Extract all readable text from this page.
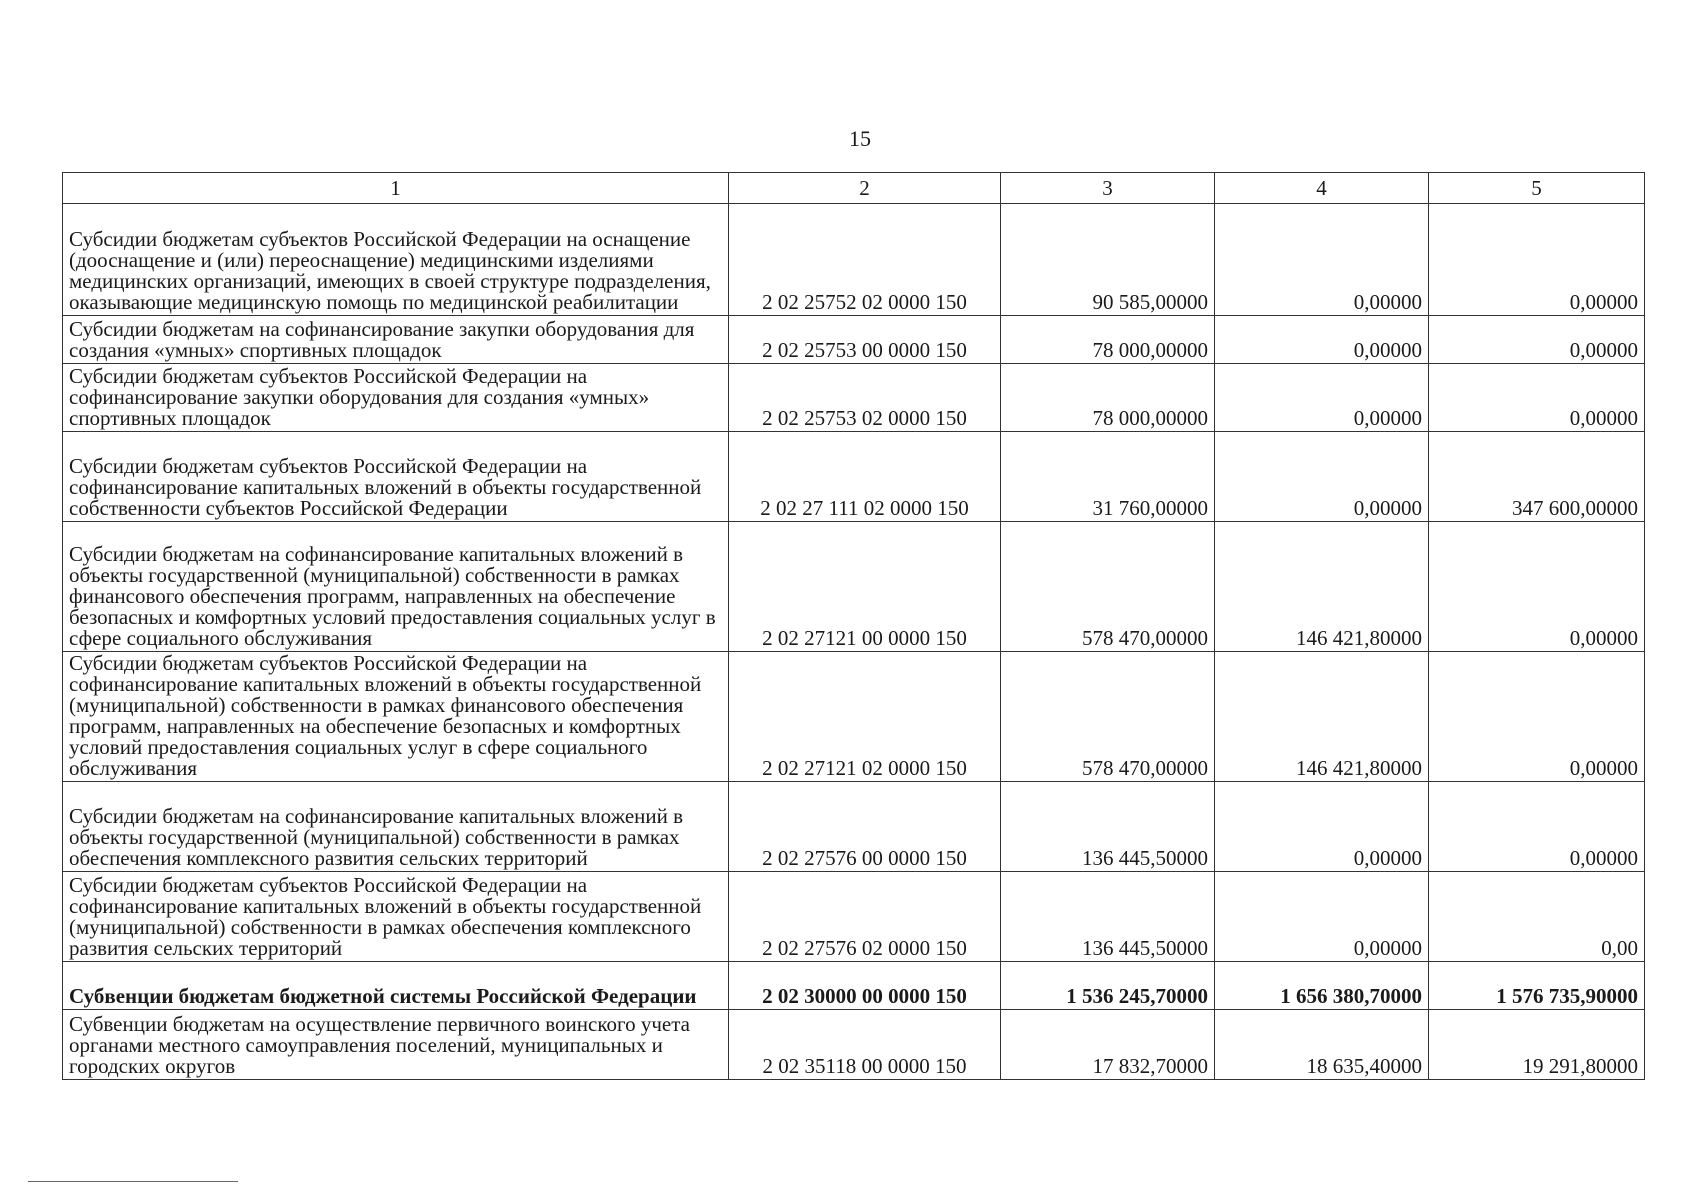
15
1	2	3	4	5
Субсидии бюджетам субъектов Российской Федерации на оснащение (дооснащение и (или) переоснащение) медицинскими изделиями медицинских организаций, имеющих в своей структуре подразделения, оказывающие медицинскую помощь по медицинской реабилитации	2 02 25752 02 0000 150	90 585,00000	0,00000	0,00000
Субсидии бюджетам на софинансирование закупки оборудования для создания «умных» спортивных площадок	2 02 25753 00 0000 150	78 000,00000	0,00000	0,00000
Субсидии бюджетам субъектов Российской Федерации на софинансирование закупки оборудования для создания «умных» спортивных площадок	2 02 25753 02 0000 150	78 000,00000	0,00000	0,00000
Субсидии бюджетам субъектов Российской Федерации на софинансирование капитальных вложений в объекты государственной собственности субъектов Российской Федерации	2 02 27 111 02 0000 150	31 760,00000	0,00000	347 600,00000
Субсидии бюджетам на софинансирование капитальных вложений в объекты государственной (муниципальной) собственности в рамках финансового обеспечения программ, направленных на обеспечение безопасных и комфортных условий предоставления социальных услуг в сфере социального обслуживания	2 02 27121 00 0000 150	578 470,00000	146 421,80000	0,00000
Субсидии бюджетам субъектов Российской Федерации на софинансирование капитальных вложений в объекты государственной (муниципальной) собственности в рамках финансового обеспечения программ, направленных на обеспечение безопасных и комфортных условий предоставления социальных услуг в сфере социального обслуживания	2 02 27121 02 0000 150	578 470,00000	146 421,80000	0,00000
Субсидии бюджетам на софинансирование капитальных вложений в объекты государственной (муниципальной) собственности в рамках обеспечения комплексного развития сельских территорий	2 02 27576 00 0000 150	136 445,50000	0,00000	0,00000
Субсидии бюджетам субъектов Российской Федерации на софинансирование капитальных вложений в объекты государственной (муниципальной) собственности в рамках обеспечения комплексного развития сельских территорий	2 02 27576 02 0000 150	136 445,50000	0,00000	0,00
Субвенции бюджетам бюджетной системы Российской Федерации	2 02 30000 00 0000 150	1 536 245,70000	1 656 380,70000	1 576 735,90000
Субвенции бюджетам на осуществление первичного воинского учета органами местного самоуправления поселений, муниципальных и городских округов	2 02 35118 00 0000 150	17 832,70000	18 635,40000	19 291,80000
